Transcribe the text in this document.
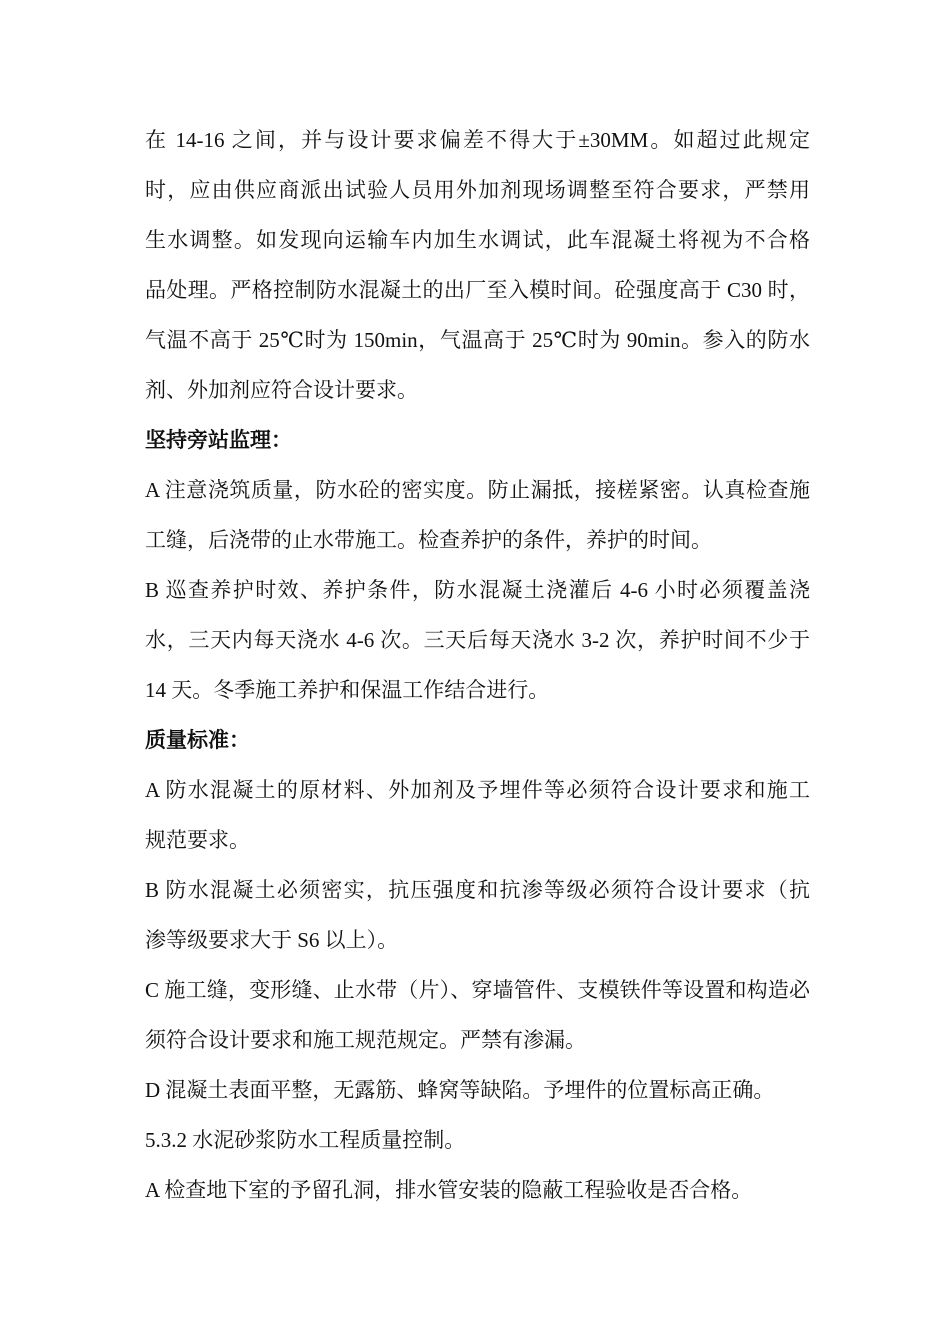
在 14-16 之间，并与设计要求偏差不得大于±30MM。如超过此规定
时，应由供应商派出试验人员用外加剂现场调整至符合要求，严禁用
生水调整。如发现向运输车内加生水调试，此车混凝土将视为不合格
品处理。严格控制防水混凝土的出厂至入模时间。砼强度高于 C30 时，
气温不高于 25℃时为 150min，气温高于 25℃时为 90min。参入的防水
剂、外加剂应符合设计要求。
坚持旁站监理：
A 注意浇筑质量，防水砼的密实度。防止漏抵，接槎紧密。认真检查施
工缝，后浇带的止水带施工。检查养护的条件，养护的时间。
B 巡查养护时效、养护条件，防水混凝土浇灌后 4-6 小时必须覆盖浇
水，三天内每天浇水 4-6 次。三天后每天浇水 3-2 次，养护时间不少于
14 天。冬季施工养护和保温工作结合进行。
质量标准：
A 防水混凝土的原材料、外加剂及予埋件等必须符合设计要求和施工
规范要求。
B 防水混凝土必须密实，抗压强度和抗渗等级必须符合设计要求（抗
渗等级要求大于 S6 以上）。
C 施工缝，变形缝、止水带（片）、穿墙管件、支模铁件等设置和构造必
须符合设计要求和施工规范规定。严禁有渗漏。
D 混凝土表面平整，无露筋、蜂窝等缺陷。予埋件的位置标高正确。
5.3.2 水泥砂浆防水工程质量控制。
A 检查地下室的予留孔洞，排水管安装的隐蔽工程验收是否合格。
